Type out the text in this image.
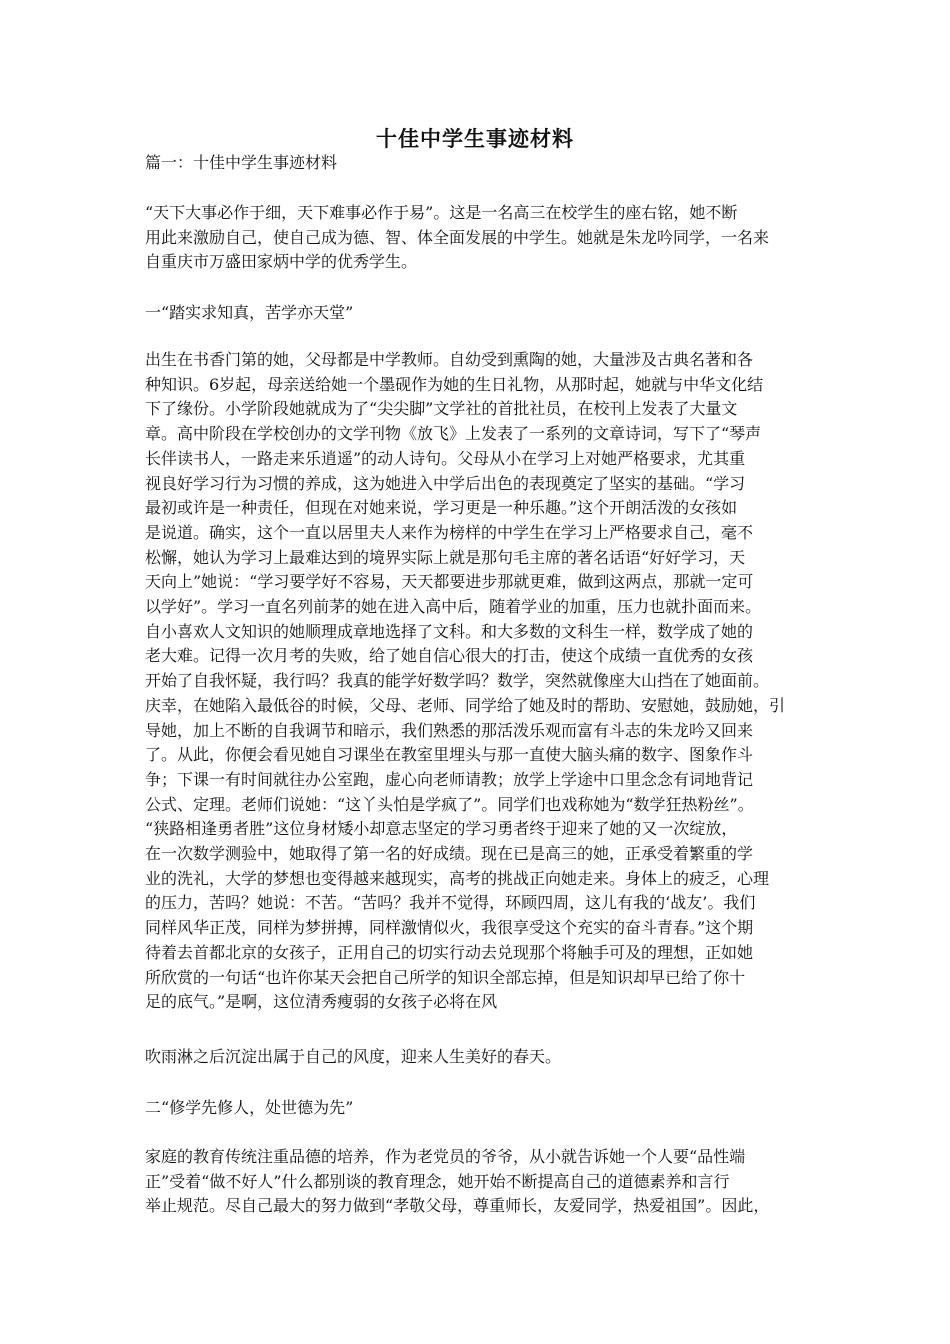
十佳中学生事迹材料
篇一：十佳中学生事迹材料
“天下大事必作于细，天下难事必作于易”。这是一名高三在校学生的座右铭，她不断
用此来激励自己，使自己成为德、智、体全面发展的中学生。她就是朱龙吟同学，一名来
自重庆市万盛田家炳中学的优秀学生。
一“踏实求知真，苦学亦天堂”
出生在书香门第的她，父母都是中学教师。自幼受到熏陶的她，大量涉及古典名著和各
种知识。6岁起，母亲送给她一个墨砚作为她的生日礼物，从那时起，她就与中华文化结
下了缘份。小学阶段她就成为了“尖尖脚”文学社的首批社员，在校刊上发表了大量文
章。高中阶段在学校创办的文学刊物《放飞》上发表了一系列的文章诗词，写下了“琴声
长伴读书人，一路走来乐逍遥”的动人诗句。父母从小在学习上对她严格要求，尤其重
视良好学习行为习惯的养成，这为她进入中学后出色的表现奠定了坚实的基础。“学习
最初或许是一种责任，但现在对她来说，学习更是一种乐趣。”这个开朗活泼的女孩如
是说道。确实，这个一直以居里夫人来作为榜样的中学生在学习上严格要求自己，毫不
松懈，她认为学习上最难达到的境界实际上就是那句毛主席的著名话语“好好学习，天
天向上”她说：“学习要学好不容易，天天都要进步那就更难，做到这两点，那就一定可
以学好”。学习一直名列前茅的她在进入高中后，随着学业的加重，压力也就扑面而来。
自小喜欢人文知识的她顺理成章地选择了文科。和大多数的文科生一样，数学成了她的
老大难。记得一次月考的失败，给了她自信心很大的打击，使这个成绩一直优秀的女孩
开始了自我怀疑，我行吗？我真的能学好数学吗？数学，突然就像座大山挡在了她面前。
庆幸，在她陷入最低谷的时候，父母、老师、同学给了她及时的帮助、安慰她，鼓励她，引
导她，加上不断的自我调节和暗示，我们熟悉的那活泼乐观而富有斗志的朱龙吟又回来
了。从此，你便会看见她自习课坐在教室里埋头与那一直使大脑头痛的数字、图象作斗
争；下课一有时间就往办公室跑，虚心向老师请教；放学上学途中口里念念有词地背记
公式、定理。老师们说她：“这丫头怕是学疯了”。同学们也戏称她为“数学狂热粉丝”。
“狭路相逢勇者胜”这位身材矮小却意志坚定的学习勇者终于迎来了她的又一次绽放，
在一次数学测验中，她取得了第一名的好成绩。现在已是高三的她，正承受着繁重的学
业的洗礼，大学的梦想也变得越来越现实，高考的挑战正向她走来。身体上的疲乏，心理
的压力，苦吗？她说：不苦。“苦吗？我并不觉得，环顾四周，这儿有我的‘战友’。我们
同样风华正茂，同样为梦拼搏，同样激情似火，我很享受这个充实的奋斗青春。”这个期
待着去首都北京的女孩子，正用自己的切实行动去兑现那个将触手可及的理想，正如她
所欣赏的一句话“也许你某天会把自己所学的知识全部忘掉，但是知识却早已给了你十
足的底气。”是啊，这位清秀瘦弱的女孩子必将在风
吹雨淋之后沉淀出属于自己的风度，迎来人生美好的春天。
二“修学先修人，处世德为先”
家庭的教育传统注重品德的培养，作为老党员的爷爷，从小就告诉她一个人要“品性端
正”受着“做不好人”什么都别谈的教育理念，她开始不断提高自己的道德素养和言行
举止规范。尽自己最大的努力做到“孝敬父母，尊重师长，友爱同学，热爱祖国”。因此，
